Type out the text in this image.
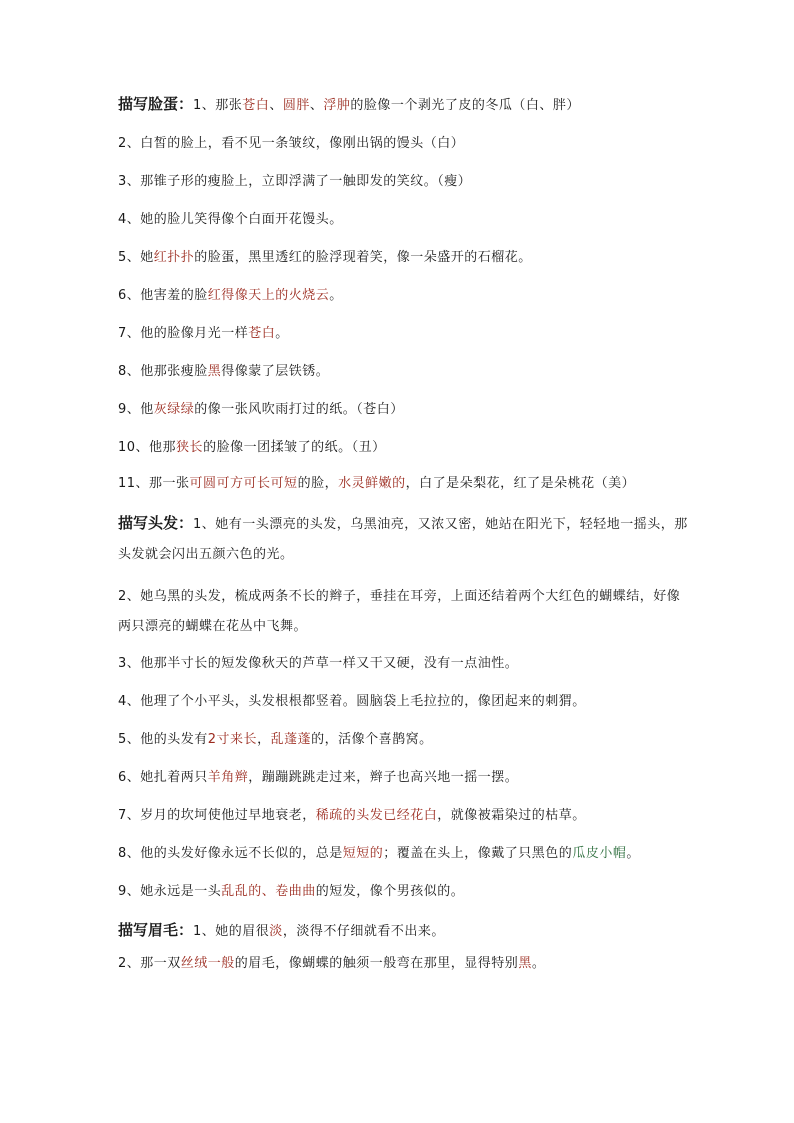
描写脸蛋：1、那张苍白、圆胖、浮肿的脸像一个剥光了皮的冬瓜（白、胖）

2、白皙的脸上，看不见一条皱纹，像刚出锅的馒头（白）

3、那锥子形的瘦脸上，立即浮满了一触即发的笑纹。（瘦）

4、她的脸儿笑得像个白面开花馒头。

5、她红扑扑的脸蛋，黑里透红的脸浮现着笑，像一朵盛开的石榴花。

6、他害羞的脸红得像天上的火烧云。

7、他的脸像月光一样苍白。

8、他那张瘦脸黑得像蒙了层铁锈。

9、他灰绿绿的像一张风吹雨打过的纸。（苍白）

10、他那狭长的脸像一团揉皱了的纸。（丑）

11、那一张可圆可方可长可短的脸，水灵鲜嫩的，白了是朵梨花，红了是朵桃花（美）

描写头发：1、她有一头漂亮的头发，乌黑油亮，又浓又密，她站在阳光下，轻轻地一摇头，那头发就会闪出五颜六色的光。

2、她乌黑的头发，梳成两条不长的辫子，垂挂在耳旁，上面还结着两个大红色的蝴蝶结，好像两只漂亮的蝴蝶在花丛中飞舞。

3、他那半寸长的短发像秋天的芦草一样又干又硬，没有一点油性。

4、他理了个小平头，头发根根都竖着。圆脑袋上毛拉拉的，像团起来的刺猬。

5、他的头发有2寸来长，乱蓬蓬的，活像个喜鹊窝。

6、她扎着两只羊角辫，蹦蹦跳跳走过来，辫子也高兴地一摇一摆。

7、岁月的坎坷使他过早地衰老，稀疏的头发已经花白，就像被霜染过的枯草。

8、他的头发好像永远不长似的，总是短短的；覆盖在头上，像戴了只黑色的瓜皮小帽。

9、她永远是一头乱乱的、卷曲曲的短发，像个男孩似的。

描写眉毛：1、她的眉很淡，淡得不仔细就看不出来。

2、那一双丝绒一般的眉毛，像蝴蝶的触须一般弯在那里，显得特别黑。
